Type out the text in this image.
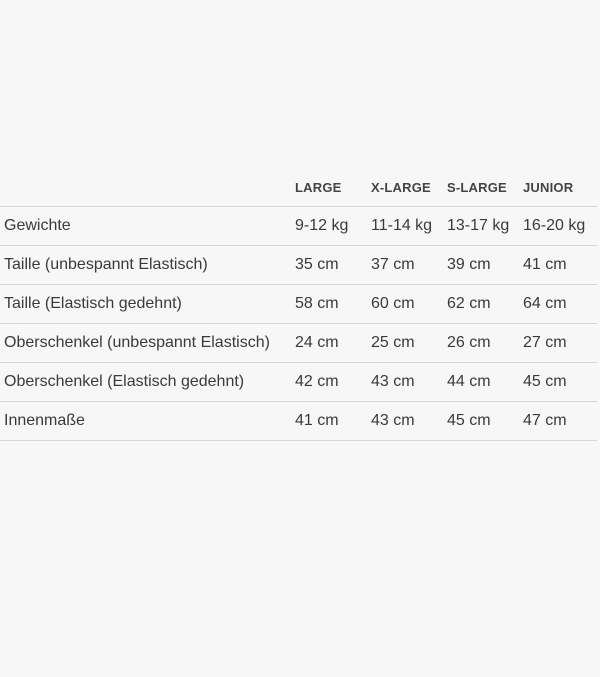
	LARGE	X-LARGE	S-LARGE	JUNIOR
Gewichte	9-12 kg	11-14 kg	13-17 kg	16-20 kg
Taille (unbespannt Elastisch)	35 cm	37 cm	39 cm	41 cm
Taille (Elastisch gedehnt)	58 cm	60 cm	62 cm	64 cm
Oberschenkel (unbespannt Elastisch)	24 cm	25 cm	26 cm	27 cm
Oberschenkel (Elastisch gedehnt)	42 cm	43 cm	44 cm	45 cm
Innenmaße	41 cm	43 cm	45 cm	47 cm
